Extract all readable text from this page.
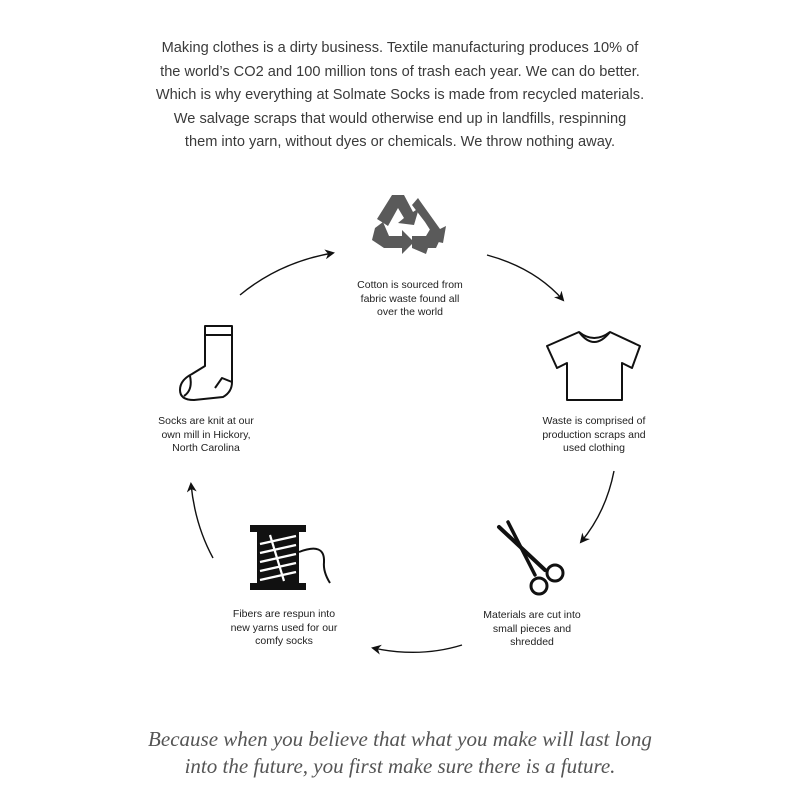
Making clothes is a dirty business. Textile manufacturing produces 10% of
the world’s CO2 and 100 million tons of trash each year. We can do better.
Which is why everything at Solmate Socks is made from recycled materials.
We salvage scraps that would otherwise end up in landfills, respinning
them into yarn, without dyes or chemicals. We throw nothing away.
Cotton is sourced from
fabric waste found all
over the world
Waste is comprised of
production scraps and
used clothing
Materials are cut into
small pieces and
shredded
Fibers are respun into
new yarns used for our
comfy socks
Socks are knit at our
own mill in Hickory,
North Carolina
Because when you believe that what you make will last long
into the future, you first make sure there is a future.
